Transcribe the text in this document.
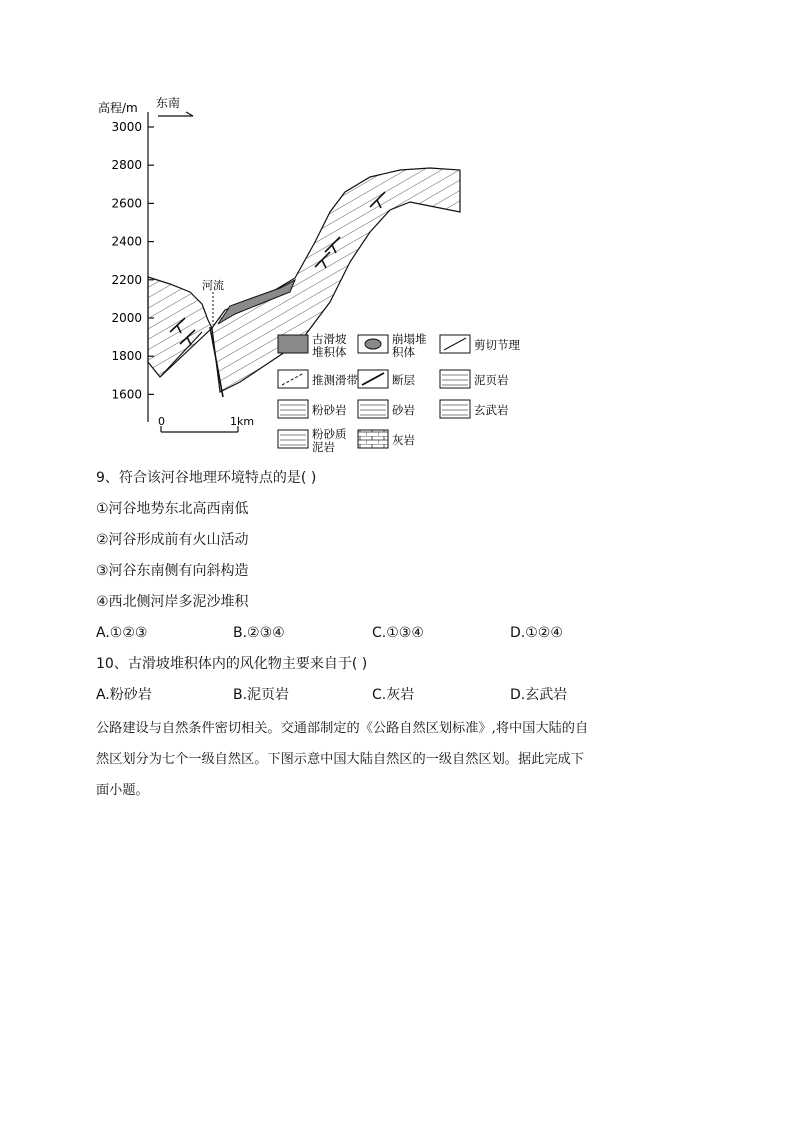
高程/m 东南
3000
2800
2600
2400
2200
2000
1800
1600
0	1km
河流
古滑坡
堆积体
崩塌堆
积体	剪切节理
推测滑带	断层	泥页岩
粉砂岩	砂岩	玄武岩
粉砂质
泥岩	灰岩
9、符合该河谷地理环境特点的是( )
①河谷地势东北高西南低
②河谷形成前有火山活动
③河谷东南侧有向斜构造
④西北侧河岸多泥沙堆积
A.①②③	B.②③④	C.①③④	D.①②④
10、古滑坡堆积体内的风化物主要来自于( )
A.粉砂岩	B.泥页岩	C.灰岩	D.玄武岩
公路建设与自然条件密切相关。交通部制定的《公路自然区划标准》,将中国大陆的自
然区划分为七个一级自然区。下图示意中国大陆自然区的一级自然区划。据此完成下
面小题。
